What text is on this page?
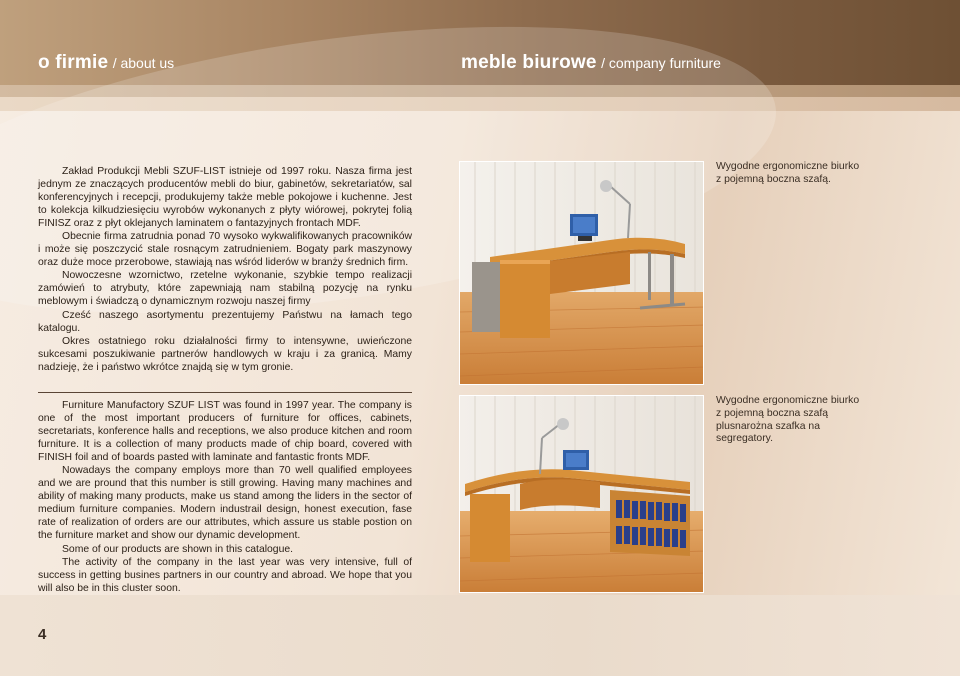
o firmie / about us	meble biurowe / company furniture

Zakład Produkcji Mebli SZUF-LIST istnieje od 1997 roku. Nasza firma jest jednym ze znaczących producentów mebli do biur, gabinetów, sekretariatów, sal konferencyjnych i recepcji, produkujemy także meble pokojowe i kuchenne. Jest to kolekcja kilkudziesięciu wyrobów wykonanych z płyty wiórowej, pokrytej folią FINISZ oraz z płyt oklejanych laminatem o fantazyjnych frontach MDF.

Obecnie firma zatrudnia ponad 70 wysoko wykwalifikowanych pracowników i może się poszczycić stale rosnącym zatrudnieniem. Bogaty park maszynowy oraz duże moce przerobowe, stawiają nas wśród liderów w branży średnich firm.

Nowoczesne wzornictwo, rzetelne wykonanie, szybkie tempo realizacji zamówień to atrybuty, które zapewniają nam stabilną pozycję na rynku meblowym i świadczą o dynamicznym rozwoju naszej firmy

Cześć naszego asortymentu prezentujemy Państwu na łamach tego katalogu.

Okres ostatniego roku działalności firmy to intensywne, uwieńczone sukcesami poszukiwanie partnerów handlowych w kraju i za granicą. Mamy nadzieję, że i państwo wkrótce znajdą się w tym gronie.

Furniture Manufactory SZUF LIST was found in 1997 year. The company is one of the most important producers of furniture for offices, cabinets, secretariats, konference halls and receptions, we also produce kitchen and room furniture. It is a collection of many products made of chip board, covered with FINISH foil and of boards pasted with laminate and fantastic fronts MDF.

Nowadays the company employs more than 70 well qualified employees and we are pround that this number is still growing. Having many machines and ability of making many products, make us stand among the liders in the sector of medium furniture companies. Modern industrail design, honest execution, fase rate of realization of orders are our attributes, which assure us stable postion on the furniture market and show our dynamic development.

Some of our products are shown in this catalogue.

The activity of the company in the last year was very intensive, full of success in getting busines partners in our country and abroad. We hope that you will also be in this cluster soon.

Wygodne ergonomiczne biurko z pojemną boczna szafą.
Wygodne ergonomiczne biurko z pojemną boczna szafą plusnarożna szafka na segregatory.
4
